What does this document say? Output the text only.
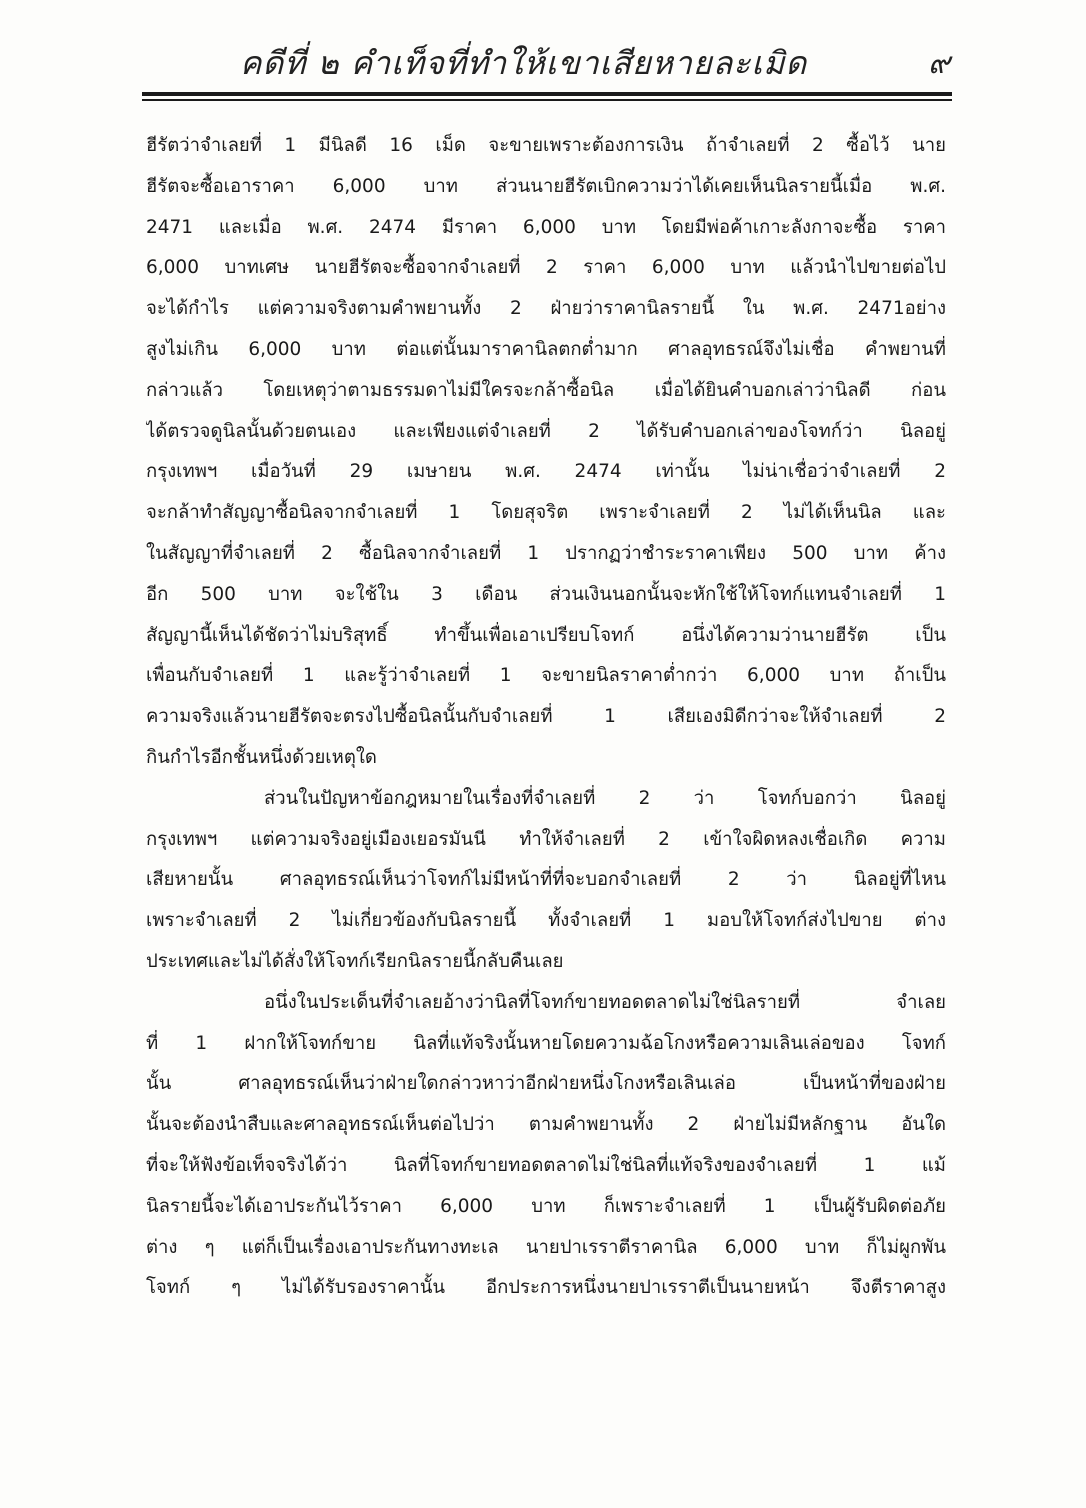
คดีที่ ๒ คำเท็จที่ทำให้เขาเสียหายละเมิด	๙
ฮีรัตว่าจำเลยที่ 1 มีนิลดี 16 เม็ด จะขายเพราะต้องการเงิน ถ้าจำเลยที่ 2 ซื้อไว้ นาย
ฮีรัตจะซื้อเอาราคา 6,000 บาท ส่วนนายฮีรัตเบิกความว่าได้เคยเห็นนิลรายนี้เมื่อ พ.ศ.
2471 และเมื่อ พ.ศ. 2474 มีราคา 6,000 บาท โดยมีพ่อค้าเกาะลังกาจะซื้อ ราคา
6,000 บาทเศษ นายฮีรัตจะซื้อจากจำเลยที่ 2 ราคา 6,000 บาท แล้วนำไปขายต่อไป
จะได้กำไร แต่ความจริงตามคำพยานทั้ง 2 ฝ่ายว่าราคานิลรายนี้ ใน พ.ศ. 2471อย่าง
สูงไม่เกิน 6,000 บาท ต่อแต่นั้นมาราคานิลตกต่ำมาก ศาลอุทธรณ์จึงไม่เชื่อ คำพยานที่
กล่าวแล้ว โดยเหตุว่าตามธรรมดาไม่มีใครจะกล้าซื้อนิล เมื่อได้ยินคำบอกเล่าว่านิลดี ก่อน
ได้ตรวจดูนิลนั้นด้วยตนเอง และเพียงแต่จำเลยที่ 2 ได้รับคำบอกเล่าของโจทก์ว่า นิลอยู่
กรุงเทพฯ เมื่อวันที่ 29 เมษายน พ.ศ. 2474 เท่านั้น ไม่น่าเชื่อว่าจำเลยที่ 2
จะกล้าทำสัญญาซื้อนิลจากจำเลยที่ 1 โดยสุจริต เพราะจำเลยที่ 2 ไม่ได้เห็นนิล และ
ในสัญญาที่จำเลยที่ 2 ซื้อนิลจากจำเลยที่ 1 ปรากฏว่าชำระราคาเพียง 500 บาท ค้าง
อีก 500 บาท จะใช้ใน 3 เดือน ส่วนเงินนอกนั้นจะหักใช้ให้โจทก์แทนจำเลยที่ 1
สัญญานี้เห็นได้ชัดว่าไม่บริสุทธิ์ ทำขึ้นเพื่อเอาเปรียบโจทก์ อนึ่งได้ความว่านายฮีรัต เป็น
เพื่อนกับจำเลยที่ 1 และรู้ว่าจำเลยที่ 1 จะขายนิลราคาต่ำกว่า 6,000 บาท ถ้าเป็น
ความจริงแล้วนายฮีรัตจะตรงไปซื้อนิลนั้นกับจำเลยที่ 1 เสียเองมิดีกว่าจะให้จำเลยที่ 2
กินกำไรอีกชั้นหนึ่งด้วยเหตุใด
ส่วนในปัญหาข้อกฎหมายในเรื่องที่จำเลยที่ 2 ว่า โจทก์บอกว่า นิลอยู่
กรุงเทพฯ แต่ความจริงอยู่เมืองเยอรมันนี ทำให้จำเลยที่ 2 เข้าใจผิดหลงเชื่อเกิด ความ
เสียหายนั้น ศาลอุทธรณ์เห็นว่าโจทก์ไม่มีหน้าที่ที่จะบอกจำเลยที่ 2 ว่า นิลอยู่ที่ไหน
เพราะจำเลยที่ 2 ไม่เกี่ยวข้องกับนิลรายนี้ ทั้งจำเลยที่ 1 มอบให้โจทก์ส่งไปขาย ต่าง
ประเทศและไม่ได้สั่งให้โจทก์เรียกนิลรายนี้กลับคืนเลย
อนึ่งในประเด็นที่จำเลยอ้างว่านิลที่โจทก์ขายทอดตลาดไม่ใช่นิลรายที่ จำเลย
ที่ 1 ฝากให้โจทก์ขาย นิลที่แท้จริงนั้นหายโดยความฉ้อโกงหรือความเลินเล่อของ โจทก์
นั้น ศาลอุทธรณ์เห็นว่าฝ่ายใดกล่าวหาว่าอีกฝ่ายหนึ่งโกงหรือเลินเล่อ เป็นหน้าที่ของฝ่าย
นั้นจะต้องนำสืบและศาลอุทธรณ์เห็นต่อไปว่า ตามคำพยานทั้ง 2 ฝ่ายไม่มีหลักฐาน อันใด
ที่จะให้ฟังข้อเท็จจริงได้ว่า นิลที่โจทก์ขายทอดตลาดไม่ใช่นิลที่แท้จริงของจำเลยที่ 1 แม้
นิลรายนี้จะได้เอาประกันไว้ราคา 6,000 บาท ก็เพราะจำเลยที่ 1 เป็นผู้รับผิดต่อภัย
ต่าง ๆ แต่ก็เป็นเรื่องเอาประกันทางทะเล นายปาเรราตีราคานิล 6,000 บาท ก็ไม่ผูกพัน
โจทก์ ๆ ไม่ได้รับรองราคานั้น อีกประการหนึ่งนายปาเรราตีเป็นนายหน้า จึงตีราคาสูง
